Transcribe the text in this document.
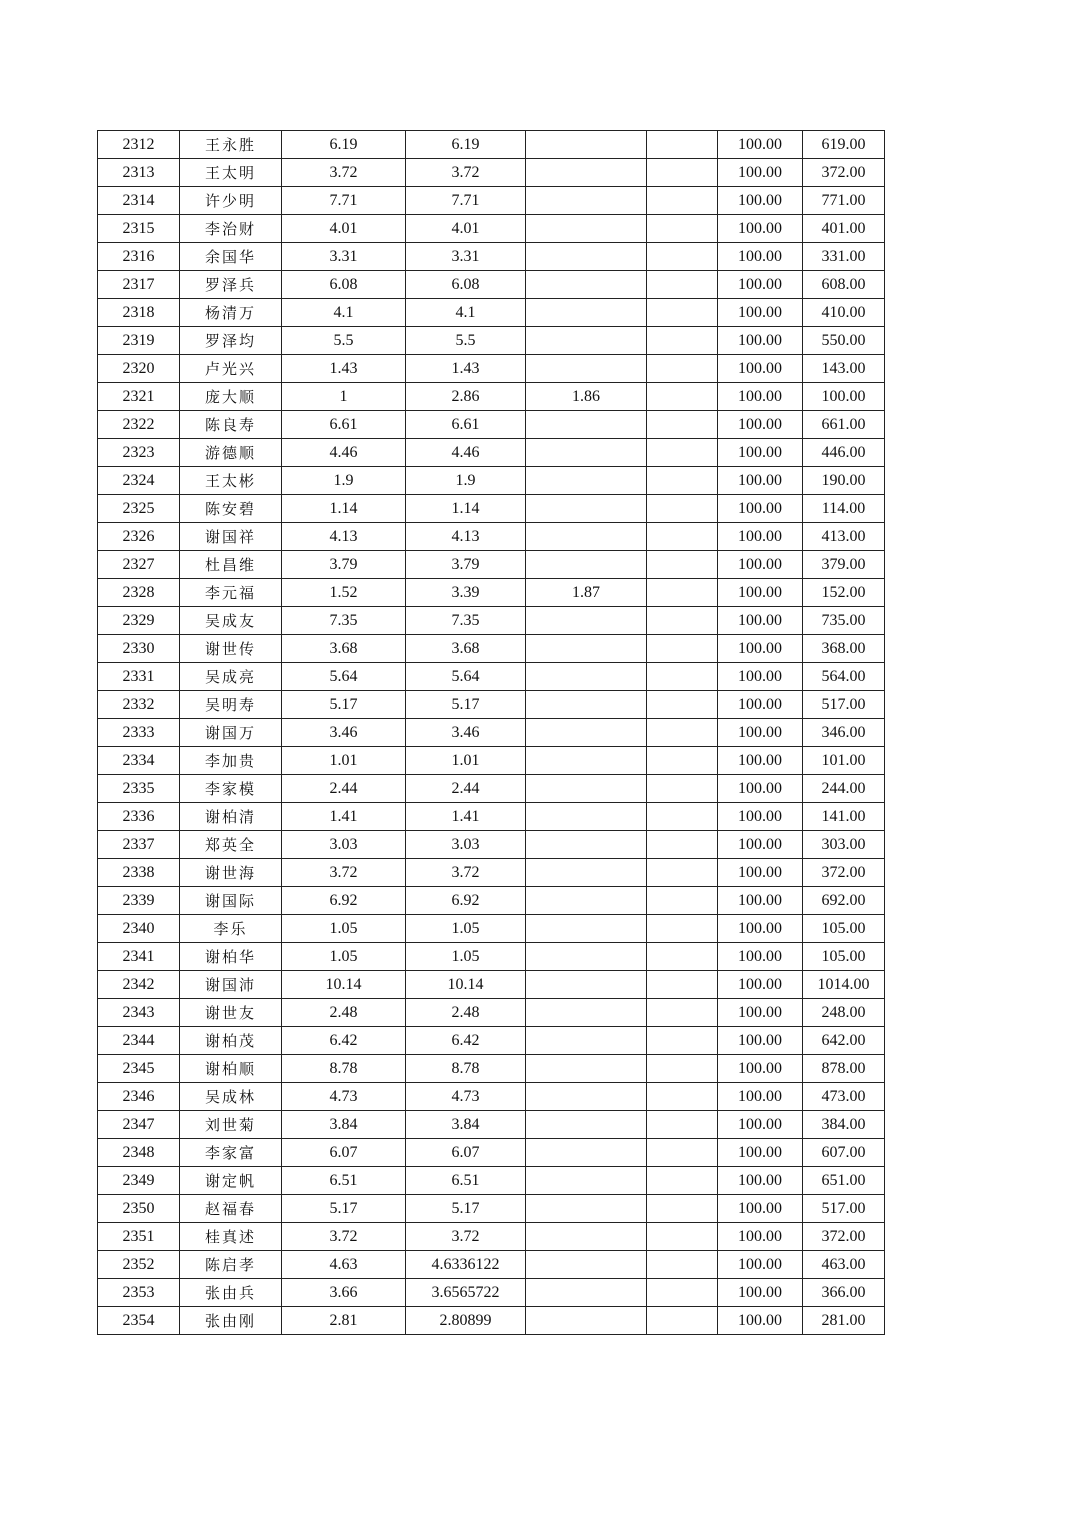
2312	王永胜	6.19	6.19			100.00	619.00
2313	王太明	3.72	3.72			100.00	372.00
2314	许少明	7.71	7.71			100.00	771.00
2315	李治财	4.01	4.01			100.00	401.00
2316	余国华	3.31	3.31			100.00	331.00
2317	罗泽兵	6.08	6.08			100.00	608.00
2318	杨清万	4.1	4.1			100.00	410.00
2319	罗泽均	5.5	5.5			100.00	550.00
2320	卢光兴	1.43	1.43			100.00	143.00
2321	庞大顺	1	2.86	1.86		100.00	100.00
2322	陈良寿	6.61	6.61			100.00	661.00
2323	游德顺	4.46	4.46			100.00	446.00
2324	王太彬	1.9	1.9			100.00	190.00
2325	陈安碧	1.14	1.14			100.00	114.00
2326	谢国祥	4.13	4.13			100.00	413.00
2327	杜昌维	3.79	3.79			100.00	379.00
2328	李元福	1.52	3.39	1.87		100.00	152.00
2329	吴成友	7.35	7.35			100.00	735.00
2330	谢世传	3.68	3.68			100.00	368.00
2331	吴成亮	5.64	5.64			100.00	564.00
2332	吴明寿	5.17	5.17			100.00	517.00
2333	谢国万	3.46	3.46			100.00	346.00
2334	李加贵	1.01	1.01			100.00	101.00
2335	李家模	2.44	2.44			100.00	244.00
2336	谢柏清	1.41	1.41			100.00	141.00
2337	郑英全	3.03	3.03			100.00	303.00
2338	谢世海	3.72	3.72			100.00	372.00
2339	谢国际	6.92	6.92			100.00	692.00
2340	李乐	1.05	1.05			100.00	105.00
2341	谢柏华	1.05	1.05			100.00	105.00
2342	谢国沛	10.14	10.14			100.00	1014.00
2343	谢世友	2.48	2.48			100.00	248.00
2344	谢柏茂	6.42	6.42			100.00	642.00
2345	谢柏顺	8.78	8.78			100.00	878.00
2346	吴成林	4.73	4.73			100.00	473.00
2347	刘世菊	3.84	3.84			100.00	384.00
2348	李家富	6.07	6.07			100.00	607.00
2349	谢定帆	6.51	6.51			100.00	651.00
2350	赵福春	5.17	5.17			100.00	517.00
2351	桂真述	3.72	3.72			100.00	372.00
2352	陈启孝	4.63	4.6336122			100.00	463.00
2353	张由兵	3.66	3.6565722			100.00	366.00
2354	张由刚	2.81	2.80899			100.00	281.00
